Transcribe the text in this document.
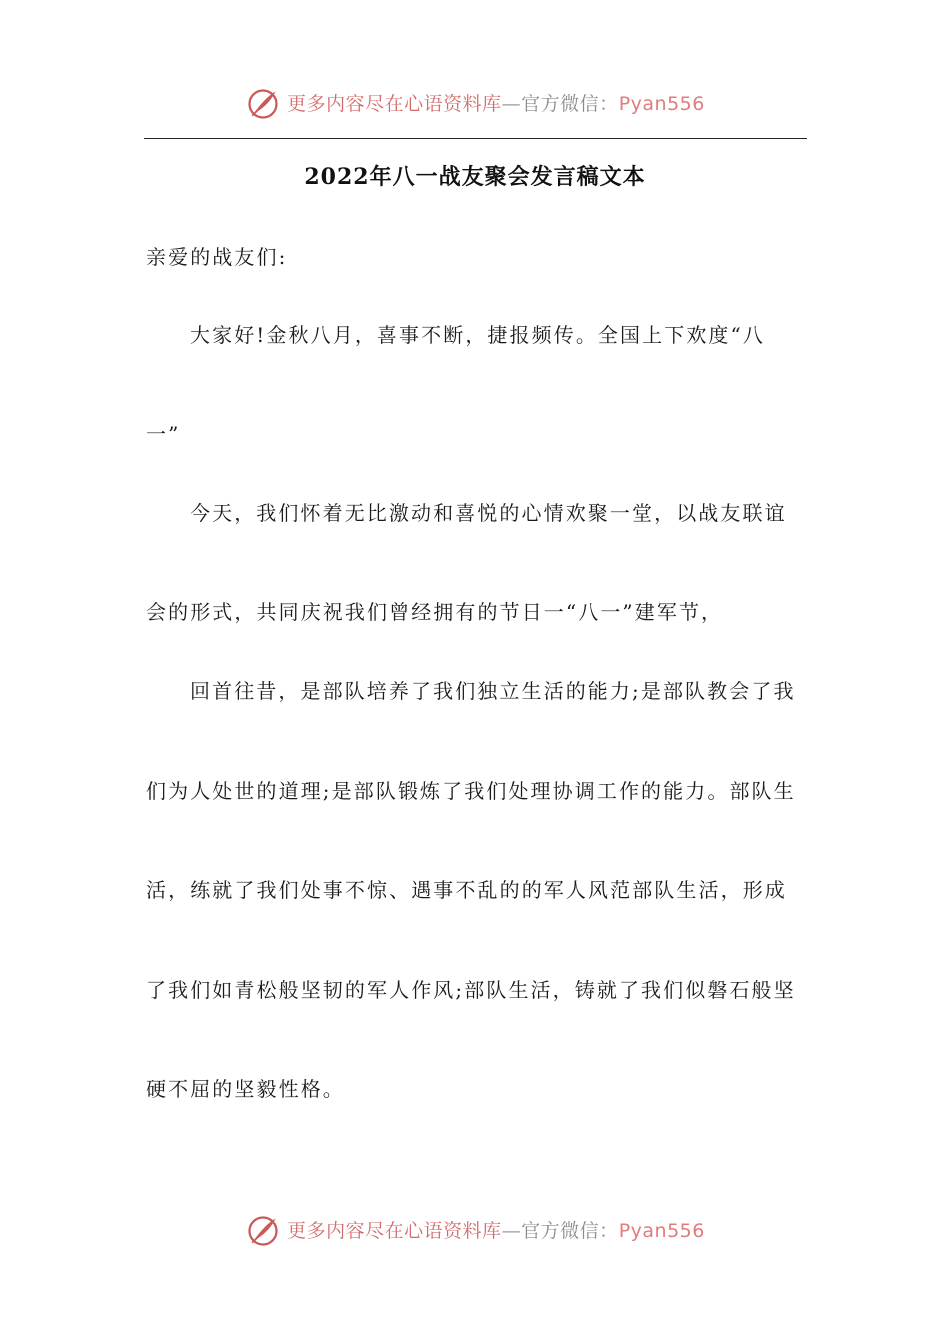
更多内容尽在心语资料库—官方微信：Pyan556
2022年八一战友聚会发言稿文本
亲爱的战友们:
大家好!金秋八月，喜事不断，捷报频传。全国上下欢度“八
一”
今天，我们怀着无比激动和喜悦的心情欢聚一堂，以战友联谊
会的形式，共同庆祝我们曾经拥有的节日一“八一”建军节，
回首往昔，是部队培养了我们独立生活的能力;是部队教会了我
们为人处世的道理;是部队锻炼了我们处理协调工作的能力。部队生
活，练就了我们处事不惊、遇事不乱的的军人风范部队生活，形成
了我们如青松般坚韧的军人作风;部队生活，铸就了我们似磐石般坚
硬不屈的坚毅性格。
更多内容尽在心语资料库—官方微信：Pyan556
